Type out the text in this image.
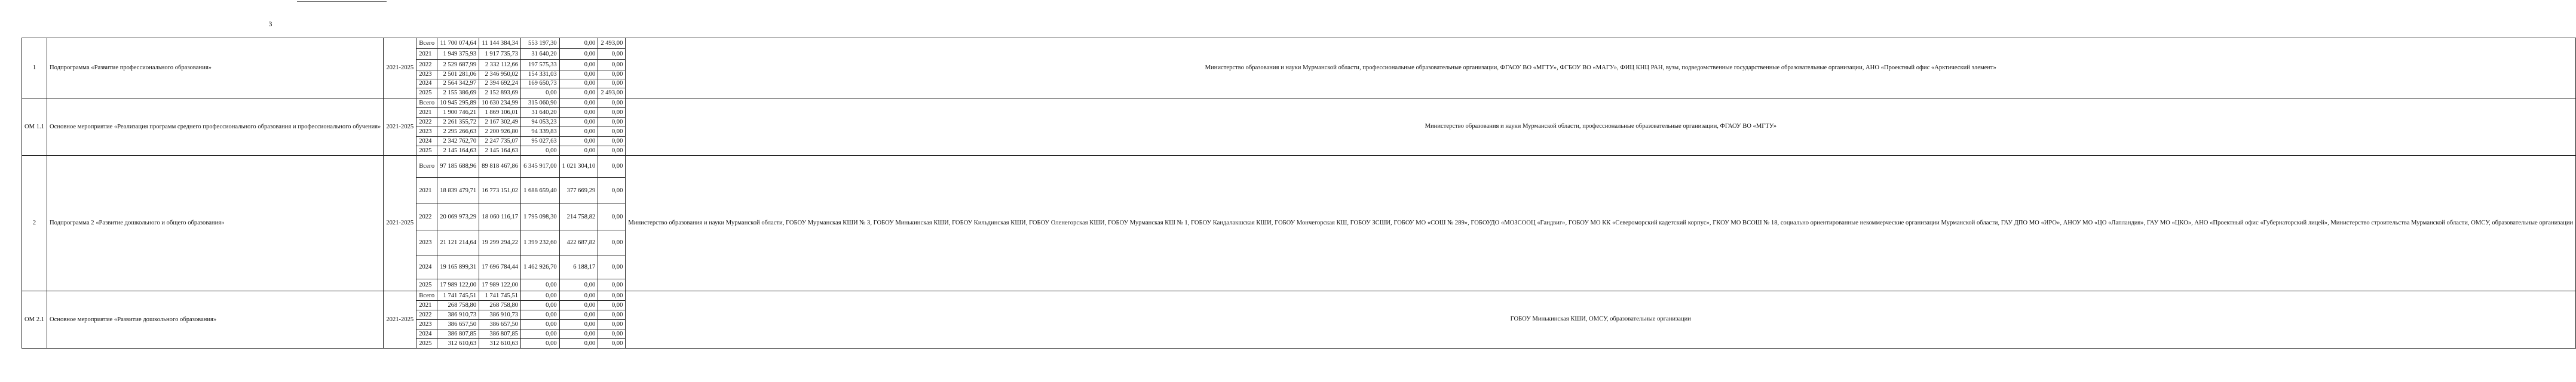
3
1	Подпрограмма «Развитие профессионального образования»	2021-2025	Всего	11 700 074,64	11 144 384,34	553 197,30	0,00	2 493,00	Министерство образования и науки Мурманской области, профессиональные образовательные организации, ФГАОУ ВО «МГТУ», ФГБОУ ВО «МАГУ», ФИЦ КНЦ РАН, вузы, подведомственные государственные образовательные организации, АНО «Проектный офис «Арктический элемент»
			2021	1 949 375,93	1 917 735,73	31 640,20	0,00	0,00	
			2022	2 529 687,99	2 332 112,66	197 575,33	0,00	0,00	
			2023	2 501 281,06	2 346 950,02	154 331,03	0,00	0,00	
			2024	2 564 342,97	2 394 692,24	169 650,73	0,00	0,00	
			2025	2 155 386,69	2 152 893,69	0,00	0,00	2 493,00	
ОМ 1.1	Основное мероприятие «Реализация программ среднего профессионального образования и профессионального обучения»	2021-2025	Всего	10 945 295,89	10 630 234,99	315 060,90	0,00	0,00	Министерство образования и науки Мурманской области, профессиональные образовательные организации, ФГАОУ ВО «МГТУ»
			2021	1 900 746,21	1 869 106,01	31 640,20	0,00	0,00	
			2022	2 261 355,72	2 167 302,49	94 053,23	0,00	0,00	
			2023	2 295 266,63	2 200 926,80	94 339,83	0,00	0,00	
			2024	2 342 762,70	2 247 735,07	95 027,63	0,00	0,00	
			2025	2 145 164,63	2 145 164,63	0,00	0,00	0,00	
2	Подпрограмма 2 «Развитие дошкольного и общего образования»	2021-2025	Всего	97 185 688,96	89 818 467,86	6 345 917,00	1 021 304,10	0,00	Министерство образования и науки Мурманской области, ГОБОУ Мурманская КШИ № 3, ГОБОУ Минькинская КШИ, ГОБОУ Кильдинская КШИ, ГОБОУ Оленегорская КШИ, ГОБОУ Мурманская КШ № 1, ГОБОУ Кандалакшская КШИ, ГОБОУ Мончегорская КШ, ГОБОУ ЗСШИ, ГОБОУ МО «СОШ № 289», ГОБОУДО «МОЗСООЦ «Гандвиг», ГОБОУ МО КК «Североморский кадетский корпус», ГКОУ МО ВСОШ № 18, социально ориентированные некоммерческие организации Мурманской области, ГАУ ДПО МО «ИРО», АНОУ МО «ЦО «Лапландия», ГАУ МО «ЦКО», АНО «Проектный офис «Губернаторский лицей», Министерство строительства Мурманской области, ОМСУ, образовательные организации
			2021	18 839 479,71	16 773 151,02	1 688 659,40	377 669,29	0,00	
			2022	20 069 973,29	18 060 116,17	1 795 098,30	214 758,82	0,00	
			2023	21 121 214,64	19 299 294,22	1 399 232,60	422 687,82	0,00	
			2024	19 165 899,31	17 696 784,44	1 462 926,70	6 188,17	0,00	
			2025	17 989 122,00	17 989 122,00	0,00	0,00	0,00	
ОМ 2.1	Основное мероприятие «Развитие дошкольного образования»	2021-2025	Всего	1 741 745,51	1 741 745,51	0,00	0,00	0,00	ГОБОУ Минькинская КШИ, ОМСУ, образовательные организации
			2021	268 758,80	268 758,80	0,00	0,00	0,00	
			2022	386 910,73	386 910,73	0,00	0,00	0,00	
			2023	386 657,50	386 657,50	0,00	0,00	0,00	
			2024	386 807,85	386 807,85	0,00	0,00	0,00	
			2025	312 610,63	312 610,63	0,00	0,00	0,00	
